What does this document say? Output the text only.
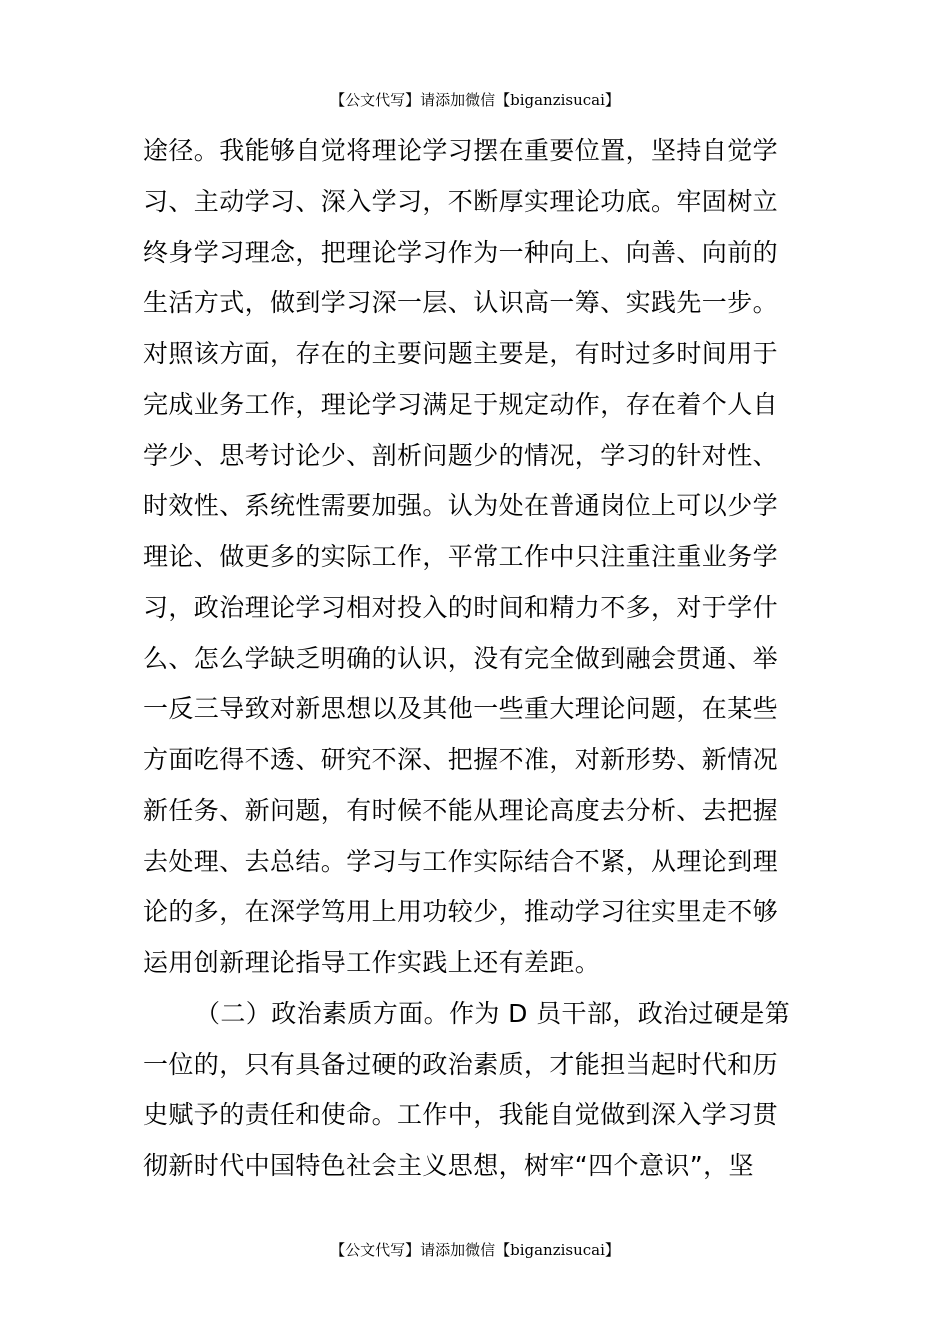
【公文代写】请添加微信【biganzisucai】
途径。我能够自觉将理论学习摆在重要位置，坚持自觉学
习、主动学习、深入学习，不断厚实理论功底。牢固树立
终身学习理念，把理论学习作为一种向上、向善、向前的
生活方式，做到学习深一层、认识高一筹、实践先一步。
对照该方面，存在的主要问题主要是，有时过多时间用于
完成业务工作，理论学习满足于规定动作，存在着个人自
学少、思考讨论少、剖析问题少的情况，学习的针对性、
时效性、系统性需要加强。认为处在普通岗位上可以少学
理论、做更多的实际工作，平常工作中只注重注重业务学
习，政治理论学习相对投入的时间和精力不多，对于学什
么、怎么学缺乏明确的认识，没有完全做到融会贯通、举
一反三导致对新思想以及其他一些重大理论问题，在某些
方面吃得不透、研究不深、把握不准，对新形势、新情况
新任务、新问题，有时候不能从理论高度去分析、去把握
去处理、去总结。学习与工作实际结合不紧，从理论到理
论的多，在深学笃用上用功较少，推动学习往实里走不够
运用创新理论指导工作实践上还有差距。
（二）政治素质方面。作为 D 员干部，政治过硬是第
一位的，只有具备过硬的政治素质，才能担当起时代和历
史赋予的责任和使命。工作中，我能自觉做到深入学习贯
彻新时代中国特色社会主义思想，树牢“四个意识”，坚
【公文代写】请添加微信【biganzisucai】
